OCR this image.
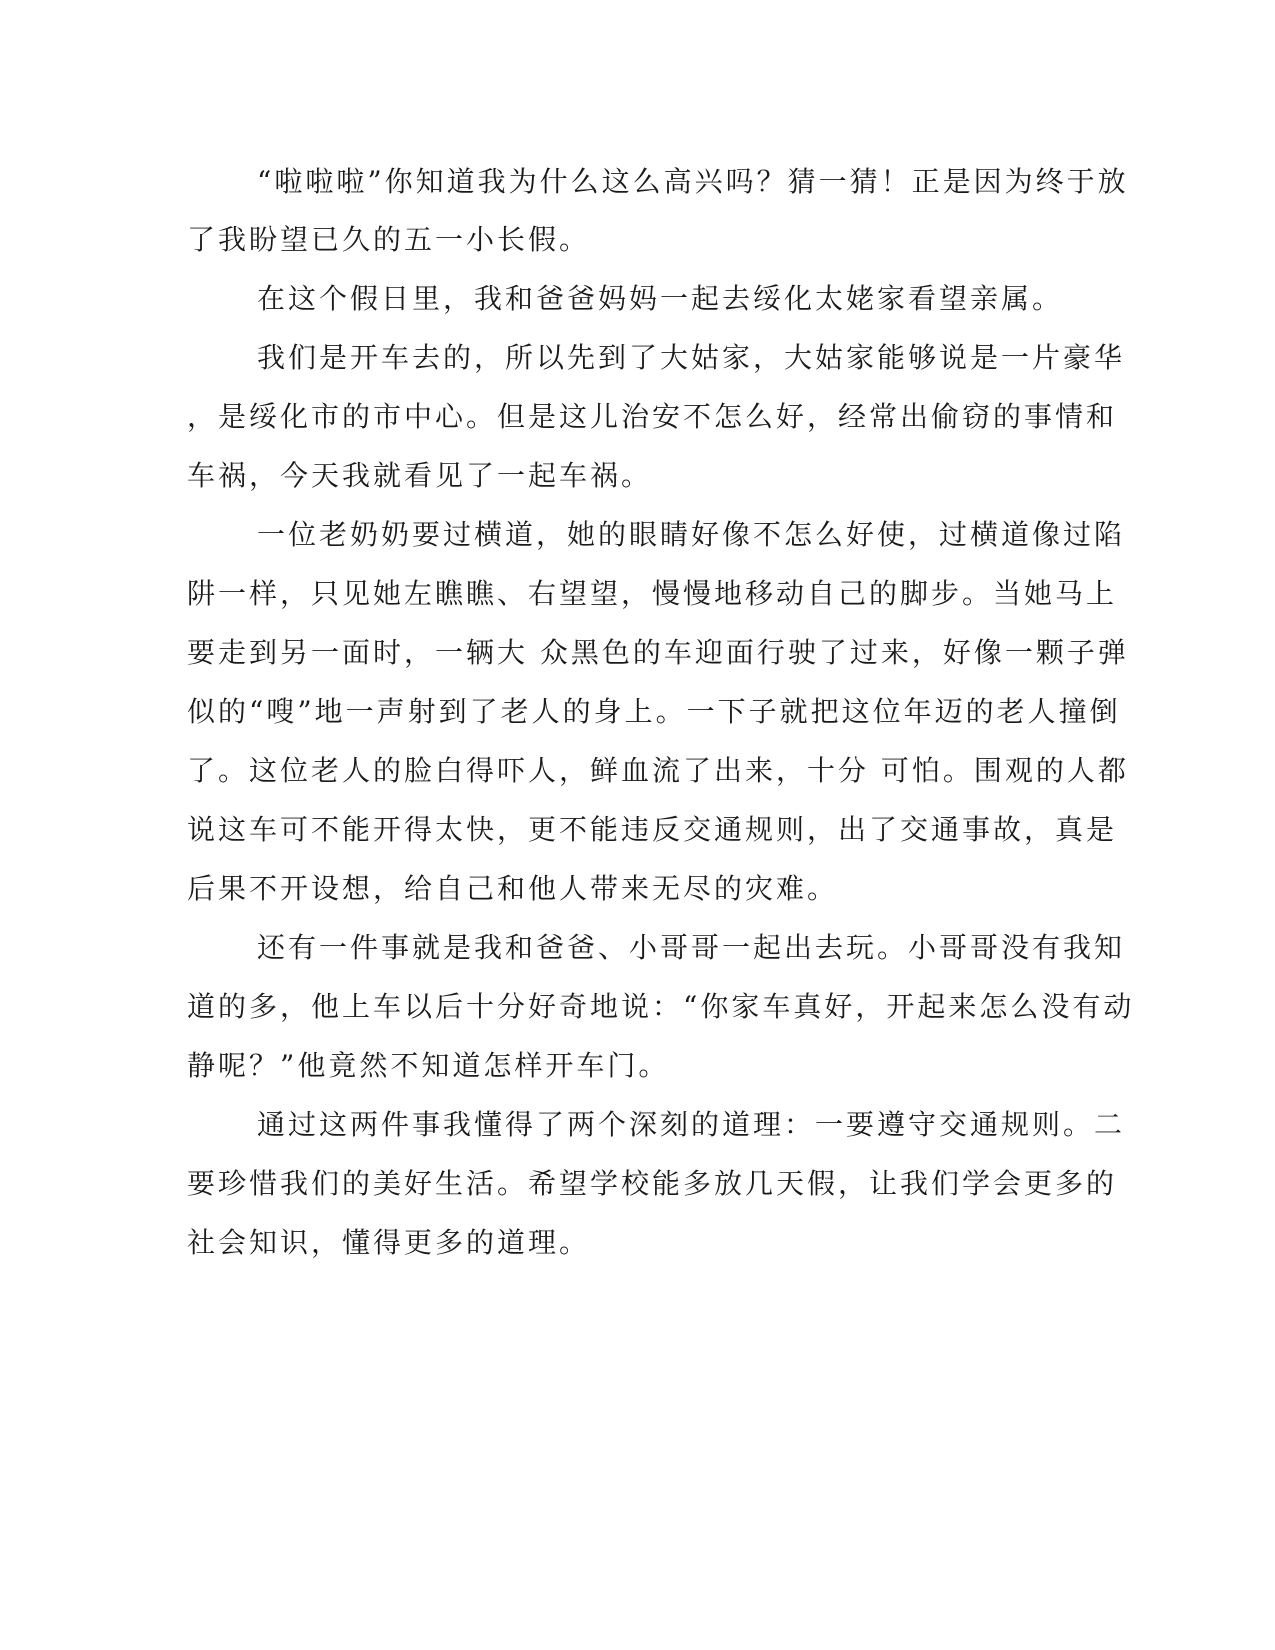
“啦啦啦”你知道我为什么这么高兴吗？猜一猜！正是因为终于放
了我盼望已久的五一小长假。
在这个假日里，我和爸爸妈妈一起去绥化太姥家看望亲属。
我们是开车去的，所以先到了大姑家，大姑家能够说是一片豪华
，是绥化市的市中心。但是这儿治安不怎么好，经常出偷窃的事情和
车祸，今天我就看见了一起车祸。
一位老奶奶要过横道，她的眼睛好像不怎么好使，过横道像过陷
阱一样，只见她左瞧瞧、右望望，慢慢地移动自己的脚步。当她马上
要走到另一面时，一辆大 众黑色的车迎面行驶了过来，好像一颗子弹
似的“嗖”地一声射到了老人的身上。一下子就把这位年迈的老人撞倒
了。这位老人的脸白得吓人，鲜血流了出来，十分 可怕。围观的人都
说这车可不能开得太快，更不能违反交通规则，出了交通事故，真是
后果不开设想，给自己和他人带来无尽的灾难。
还有一件事就是我和爸爸、小哥哥一起出去玩。小哥哥没有我知
道的多，他上车以后十分好奇地说：“你家车真好，开起来怎么没有动
静呢？”他竟然不知道怎样开车门。
通过这两件事我懂得了两个深刻的道理：一要遵守交通规则。二
要珍惜我们的美好生活。希望学校能多放几天假，让我们学会更多的
社会知识，懂得更多的道理。
